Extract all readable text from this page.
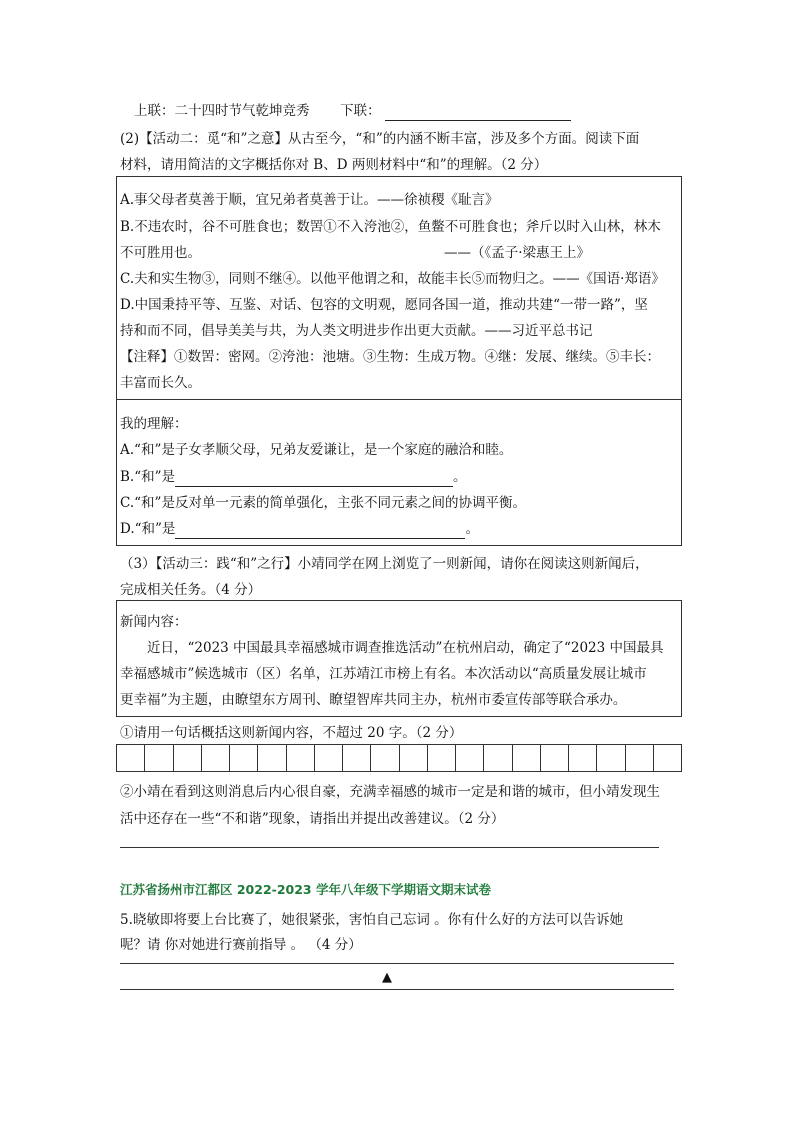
上联：二十四时节气乾坤竞秀 下联：
(2)【活动二：觅“和”之意】从古至今，“和”的内涵不断丰富，涉及多个方面。阅读下面
材料，请用简洁的文字概括你对 B、D 两则材料中“和”的理解。（2 分）
A.事父母者莫善于顺，宜兄弟者莫善于让。——徐祯稷《耻言》
B.不违农时，谷不可胜食也；数罟①不入洿池②，鱼鳖不可胜食也；斧斤以时入山林，林木
不可胜用也。	——（《孟子·梁惠王上》
C.夫和实生物③，同则不继④。以他平他谓之和，故能丰长⑤而物归之。——《国语·郑语》
D.中国秉持平等、互鉴、对话、包容的文明观，愿同各国一道，推动共建“一带一路”，坚
持和而不同，倡导美美与共，为人类文明进步作出更大贡献。——习近平总书记
【注释】①数罟：密网。②洿池：池塘。③生物：生成万物。④继：发展、继续。⑤丰长：
丰富而长久。
我的理解：
A.“和”是子女孝顺父母，兄弟友爱谦让，是一个家庭的融洽和睦。
B.“和”是	。
C.“和”是反对单一元素的简单强化，主张不同元素之间的协调平衡。
D.“和”是	。
（3）【活动三：践“和”之行】小靖同学在网上浏览了一则新闻，请你在阅读这则新闻后，
完成相关任务。（4 分）
新闻内容：
近日，“2023 中国最具幸福感城市调查推选活动”在杭州启动，确定了“2023 中国最具
幸福感城市”候选城市（区）名单，江苏靖江市榜上有名。本次活动以“高质量发展让城市
更幸福”为主题，由瞭望东方周刊、瞭望智库共同主办，杭州市委宣传部等联合承办。
①请用一句话概括这则新闻内容，不超过 20 字。（2 分）
②小靖在看到这则消息后内心很自豪，充满幸福感的城市一定是和谐的城市，但小靖发现生
活中还存在一些“不和谐”现象，请指出并提出改善建议。（2 分）
江苏省扬州市江都区 2022-2023 学年八年级下学期语文期末试卷
5.晓敏即将要上台比赛了，她很紧张，害怕自己忘词 。你有什么好的方法可以告诉她
呢？请 你对她进行赛前指导 。 （4 分）
▲
